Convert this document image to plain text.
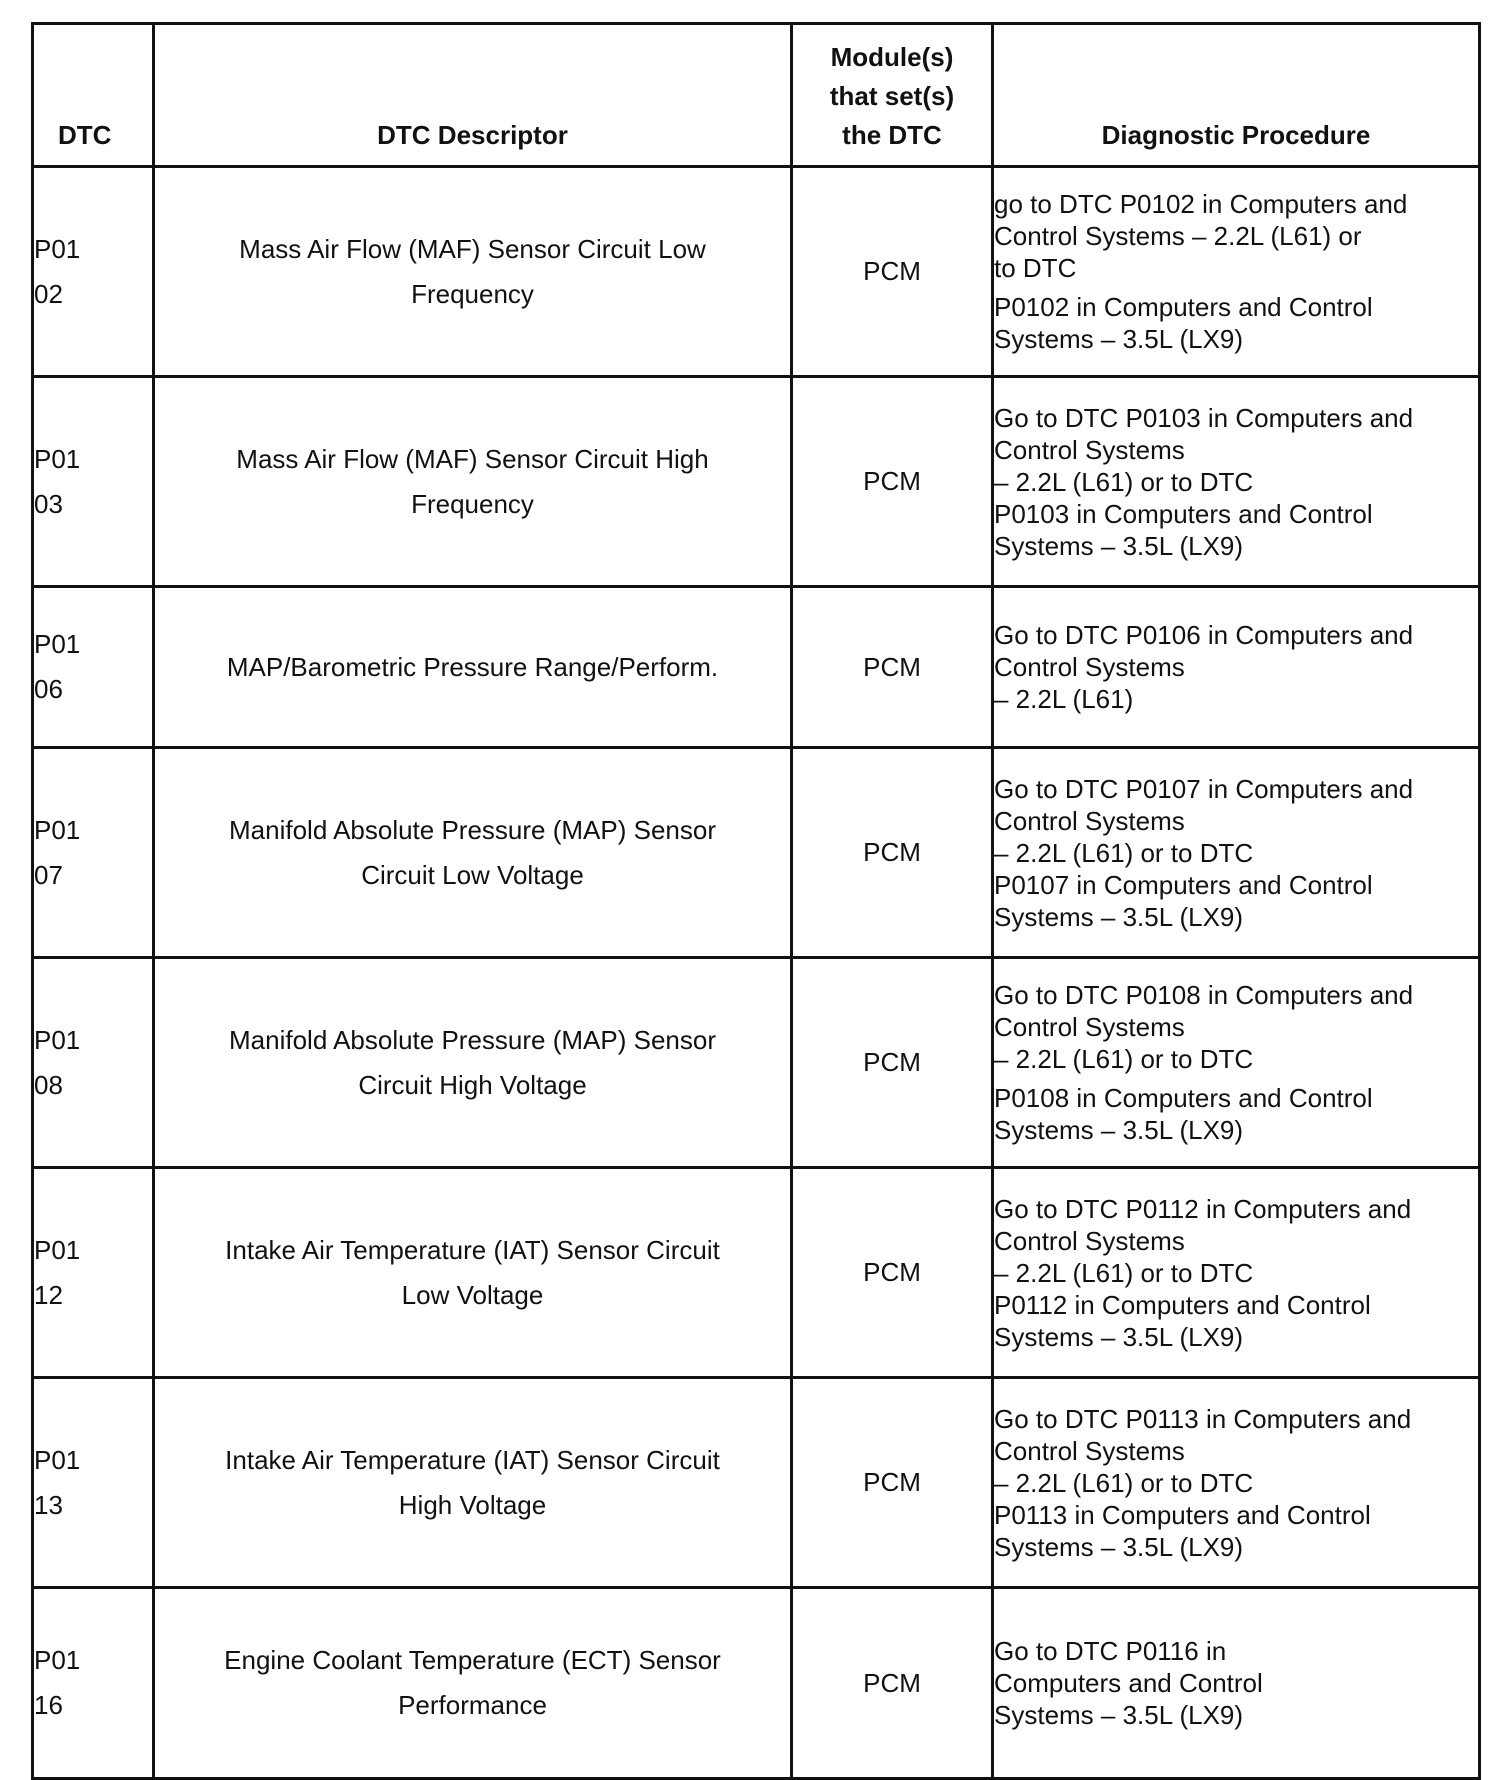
DTC	DTC Descriptor	Module(s)
that set(s)
the DTC	Diagnostic Procedure

P01
02	Mass Air Flow (MAF) Sensor Circuit Low
Frequency	PCM	go to DTC P0102 in Computers and
Control Systems – 2.2L (L61) or
to DTC
P0102 in Computers and Control
Systems – 3.5L (LX9)

P01
03	Mass Air Flow (MAF) Sensor Circuit High
Frequency	PCM	Go to DTC P0103 in Computers and
Control Systems
– 2.2L (L61) or to DTC
P0103 in Computers and Control
Systems – 3.5L (LX9)

P01
06	MAP/Barometric Pressure Range/Perform.	PCM	Go to DTC P0106 in Computers and
Control Systems
– 2.2L (L61)

P01
07	Manifold Absolute Pressure (MAP) Sensor
Circuit Low Voltage	PCM	Go to DTC P0107 in Computers and
Control Systems
– 2.2L (L61) or to DTC
P0107 in Computers and Control
Systems – 3.5L (LX9)

P01
08	Manifold Absolute Pressure (MAP) Sensor
Circuit High Voltage	PCM	Go to DTC P0108 in Computers and
Control Systems
– 2.2L (L61) or to DTC
P0108 in Computers and Control
Systems – 3.5L (LX9)

P01
12	Intake Air Temperature (IAT) Sensor Circuit
Low Voltage	PCM	Go to DTC P0112 in Computers and
Control Systems
– 2.2L (L61) or to DTC
P0112 in Computers and Control
Systems – 3.5L (LX9)

P01
13	Intake Air Temperature (IAT) Sensor Circuit
High Voltage	PCM	Go to DTC P0113 in Computers and
Control Systems
– 2.2L (L61) or to DTC
P0113 in Computers and Control
Systems – 3.5L (LX9)

P01
16	Engine Coolant Temperature (ECT) Sensor
Performance	PCM	Go to DTC P0116 in
Computers and Control
Systems – 3.5L (LX9)
